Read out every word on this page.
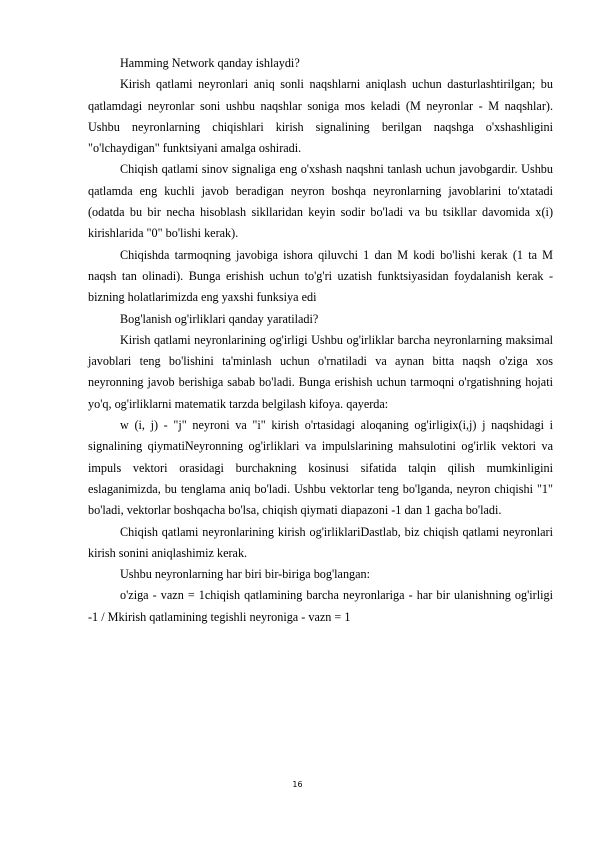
Hamming Network qanday ishlaydi?

Kirish qatlami neyronlari aniq sonli naqshlarni aniqlash uchun dasturlashtirilgan; bu qatlamdagi neyronlar soni ushbu naqshlar soniga mos keladi (M neyronlar - M naqshlar). Ushbu neyronlarning chiqishlari kirish signalining berilgan naqshga o'xshashligini "o'lchaydigan" funktsiyani amalga oshiradi.

Chiqish qatlami sinov signaliga eng o'xshash naqshni tanlash uchun javobgardir. Ushbu qatlamda eng kuchli javob beradigan neyron boshqa neyronlarning javoblarini to'xtatadi (odatda bu bir necha hisoblash sikllaridan keyin sodir bo'ladi va bu tsikllar davomida x(i) kirishlarida "0" bo'lishi kerak).

Chiqishda tarmoqning javobiga ishora qiluvchi 1 dan M kodi bo'lishi kerak (1 ta M naqsh tan olinadi). Bunga erishish uchun to'g'ri uzatish funktsiyasidan foydalanish kerak - bizning holatlarimizda eng yaxshi funksiya edi

Bog'lanish og'irliklari qanday yaratiladi?

Kirish qatlami neyronlarining og'irligi Ushbu og'irliklar barcha neyronlarning maksimal javoblari teng bo'lishini ta'minlash uchun o'rnatiladi va aynan bitta naqsh o'ziga xos neyronning javob berishiga sabab bo'ladi. Bunga erishish uchun tarmoqni o'rgatishning hojati yo'q, og'irliklarni matematik tarzda belgilash kifoya. qayerda:

w (i, j) - "j" neyroni va "i" kirish o'rtasidagi aloqaning og'irligix(i,j) j naqshidagi i signalining qiymatiNeyronning og'irliklari va impulslarining mahsulotini og'irlik vektori va impuls vektori orasidagi burchakning kosinusi sifatida talqin qilish mumkinligini eslaganimizda, bu tenglama aniq bo'ladi. Ushbu vektorlar teng bo'lganda, neyron chiqishi "1" bo'ladi, vektorlar boshqacha bo'lsa, chiqish qiymati diapazoni -1 dan 1 gacha bo'ladi.

Chiqish qatlami neyronlarining kirish og'irliklariDastlab, biz chiqish qatlami neyronlari kirish sonini aniqlashimiz kerak.

Ushbu neyronlarning har biri bir-biriga bog'langan:

o'ziga - vazn = 1chiqish qatlamining barcha neyronlariga - har bir ulanishning og'irligi -1 / Mkirish qatlamining tegishli neyroniga - vazn = 1

16
